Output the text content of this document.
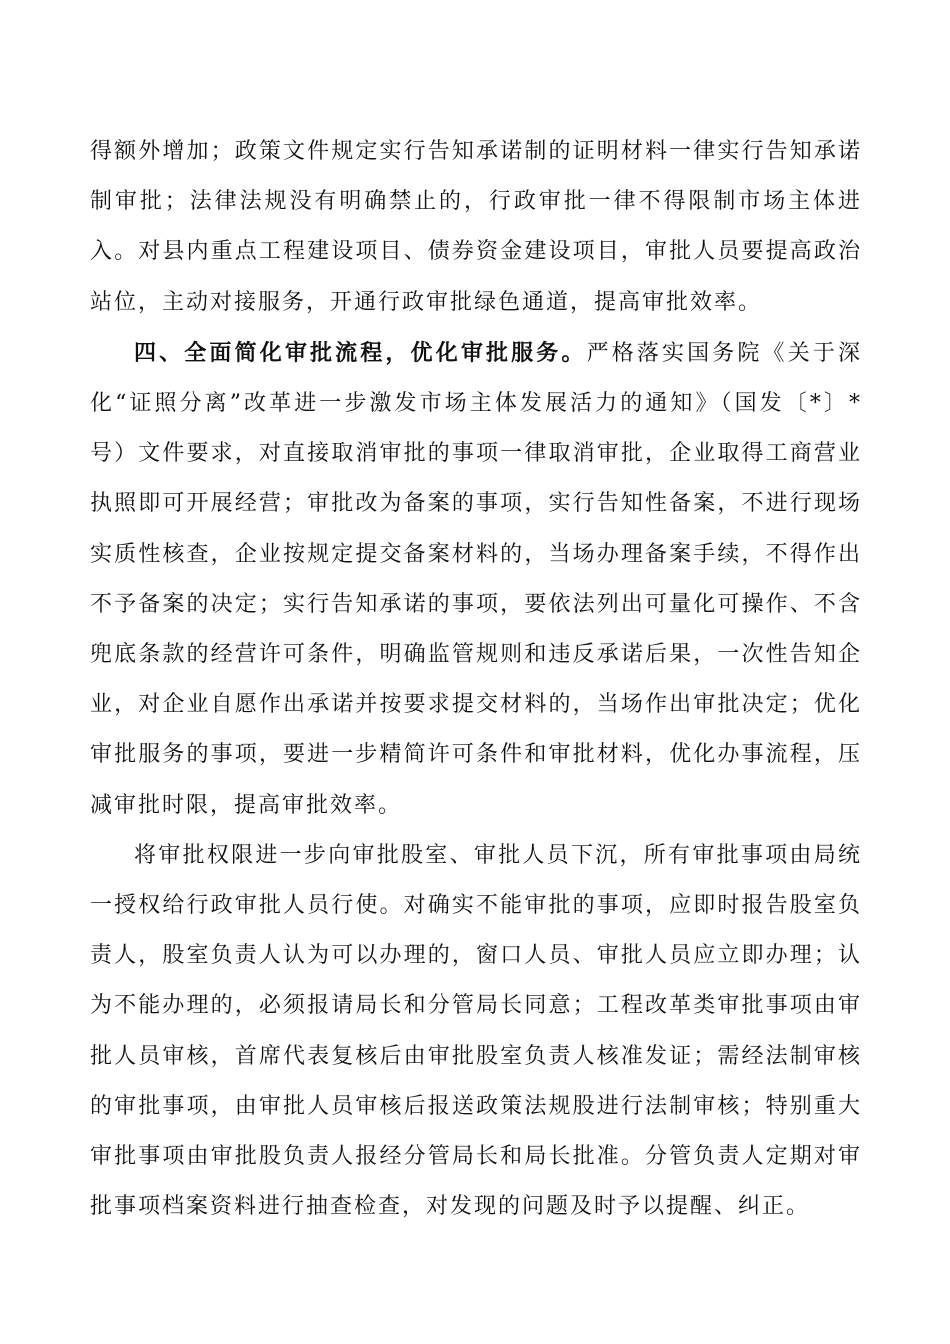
得额外增加；政策文件规定实行告知承诺制的证明材料一律实行告知承诺制审批；法律法规没有明确禁止的，行政审批一律不得限制市场主体进入。对县内重点工程建设项目、债券资金建设项目，审批人员要提高政治站位，主动对接服务，开通行政审批绿色通道，提高审批效率。

四、全面简化审批流程，优化审批服务。严格落实国务院《关于深化“证照分离”改革进一步激发市场主体发展活力的通知》（国发〔*〕*号）文件要求，对直接取消审批的事项一律取消审批，企业取得工商营业执照即可开展经营；审批改为备案的事项，实行告知性备案，不进行现场实质性核查，企业按规定提交备案材料的，当场办理备案手续，不得作出不予备案的决定；实行告知承诺的事项，要依法列出可量化可操作、不含兜底条款的经营许可条件，明确监管规则和违反承诺后果，一次性告知企业，对企业自愿作出承诺并按要求提交材料的，当场作出审批决定；优化审批服务的事项，要进一步精简许可条件和审批材料，优化办事流程，压减审批时限，提高审批效率。

将审批权限进一步向审批股室、审批人员下沉，所有审批事项由局统一授权给行政审批人员行使。对确实不能审批的事项，应即时报告股室负责人，股室负责人认为可以办理的，窗口人员、审批人员应立即办理；认为不能办理的，必须报请局长和分管局长同意；工程改革类审批事项由审批人员审核，首席代表复核后由审批股室负责人核准发证；需经法制审核的审批事项，由审批人员审核后报送政策法规股进行法制审核；特别重大审批事项由审批股负责人报经分管局长和局长批准。分管负责人定期对审批事项档案资料进行抽查检查，对发现的问题及时予以提醒、纠正。
